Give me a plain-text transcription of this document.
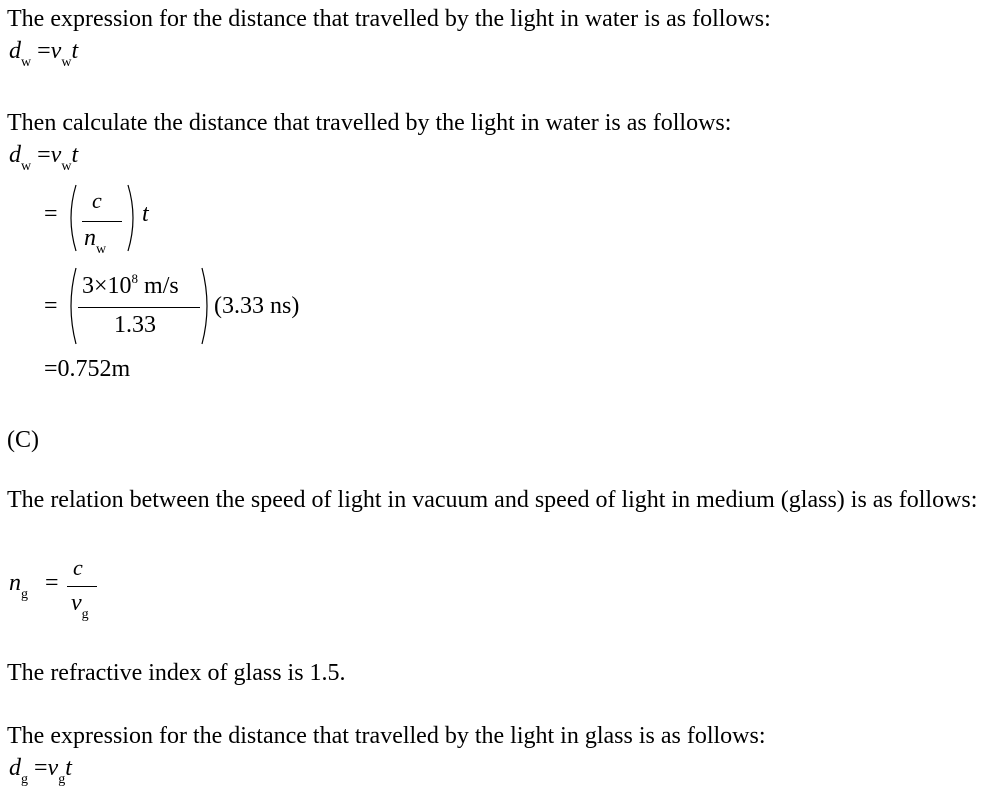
The expression for the distance that travelled by the light in water is as follows:
$d_w =v_wt$
Then calculate the distance that travelled by the light in water is as follows:
$d_w =v_wt$
=
c
$n_w$
t
=
$3\times 10^8$ m/s
1.33
(3.33 ns)
=0.752m
(C)
The relation between the speed of light in vacuum and speed of light in medium (glass) is as follows:
$n_g$ =
c
$v_g$
The refractive index of glass is 1.5.
The expression for the distance that travelled by the light in glass is as follows:
$d_g =v_gt$
